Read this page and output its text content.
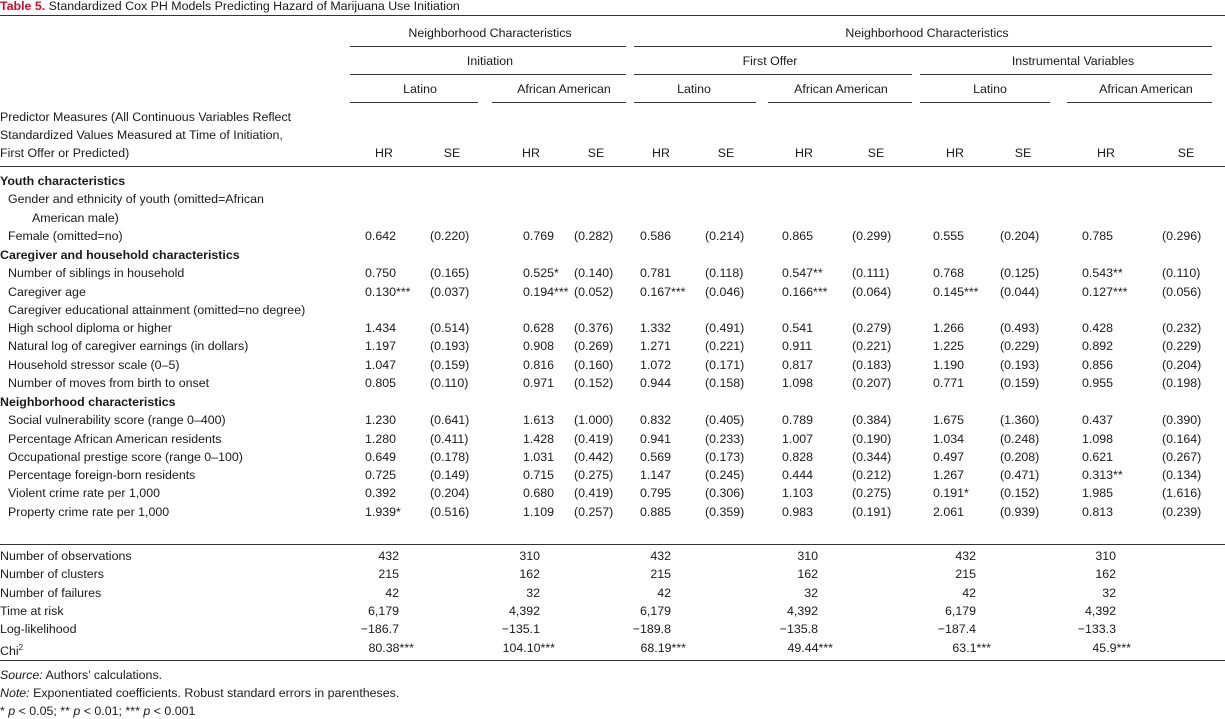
Table 5. Standardized Cox PH Models Predicting Hazard of Marijuana Use Initiation
Neighborhood Characteristics	Neighborhood Characteristics
Initiation	First Offer	Instrumental Variables
Latino	African American	Latino	African American	Latino	African American
Predictor Measures (All Continuous Variables Reflect
Standardized Values Measured at Time of Initiation,
First Offer or Predicted)	HR	SE	HR	SE	HR	SE	HR	SE	HR	SE	HR	SE
Youth characteristics
Gender and ethnicity of youth (omitted=African
American male)
Female (omitted=no)	0.642	(0.220)	0.769 (0.282) 0.586	(0.214)	0.865	(0.299)	0.555	(0.204)	0.785	(0.296)
Caregiver and household characteristics
Number of siblings in household	0.750	(0.165)	0.525* (0.140) 0.781	(0.118)	0.547** (0.111)	0.768	(0.125)	0.543**	(0.110)
Caregiver age	0.130*** (0.037)	0.194*** (0.052) 0.167*** (0.046)	0.166*** (0.064)	0.145*** (0.044)	0.127***	(0.056)
Caregiver educational attainment (omitted=no degree)
High school diploma or higher	1.434	(0.514)	0.628 (0.376) 1.332	(0.491)	0.541	(0.279)	1.266	(0.493)	0.428	(0.232)
Natural log of caregiver earnings (in dollars)	1.197	(0.193)	0.908 (0.269) 1.271	(0.221)	0.911	(0.221)	1.225	(0.229)	0.892	(0.229)
Household stressor scale (0–5)	1.047	(0.159)	0.816 (0.160) 1.072	(0.171)	0.817	(0.183)	1.190	(0.193)	0.856	(0.204)
Number of moves from birth to onset	0.805	(0.110)	0.971 (0.152) 0.944	(0.158)	1.098	(0.207)	0.771	(0.159)	0.955	(0.198)
Neighborhood characteristics
Social vulnerability score (range 0–400)	1.230	(0.641)	1.613 (1.000) 0.832	(0.405)	0.789	(0.384)	1.675	(1.360)	0.437	(0.390)
Percentage African American residents	1.280	(0.411)	1.428 (0.419) 0.941	(0.233)	1.007	(0.190)	1.034	(0.248)	1.098	(0.164)
Occupational prestige score (range 0–100)	0.649	(0.178)	1.031 (0.442) 0.569	(0.173)	0.828	(0.344)	0.497	(0.208)	0.621	(0.267)
Percentage foreign-born residents	0.725	(0.149)	0.715 (0.275) 1.147	(0.245)	0.444	(0.212)	1.267	(0.471)	0.313**	(0.134)
Violent crime rate per 1,000	0.392	(0.204)	0.680 (0.419) 0.795	(0.306)	1.103	(0.275)	0.191*	(0.152)	1.985	(1.616)
Property crime rate per 1,000	1.939* (0.516)	1.109 (0.257) 0.885	(0.359)	0.983	(0.191)	2.061	(0.939)	0.813	(0.239)
Number of observations	432	310	432	310	432	310
Number of clusters	215	162	215	162	215	162
Number of failures	42	32	42	32	42	32
Time at risk	6,179	4,392	6,179	4,392	6,179	4,392
Log-likelihood	−186.7	−135.1	−189.8	−135.8	−187.4	−133.3
Chi$^2$	80.38***	104.10***	68.19***	49.44***	63.1***	45.9***
Source: Authors’ calculations.
Note: Exponentiated coefficients. Robust standard errors in parentheses.
* p < 0.05; ** p < 0.01; *** p < 0.001
